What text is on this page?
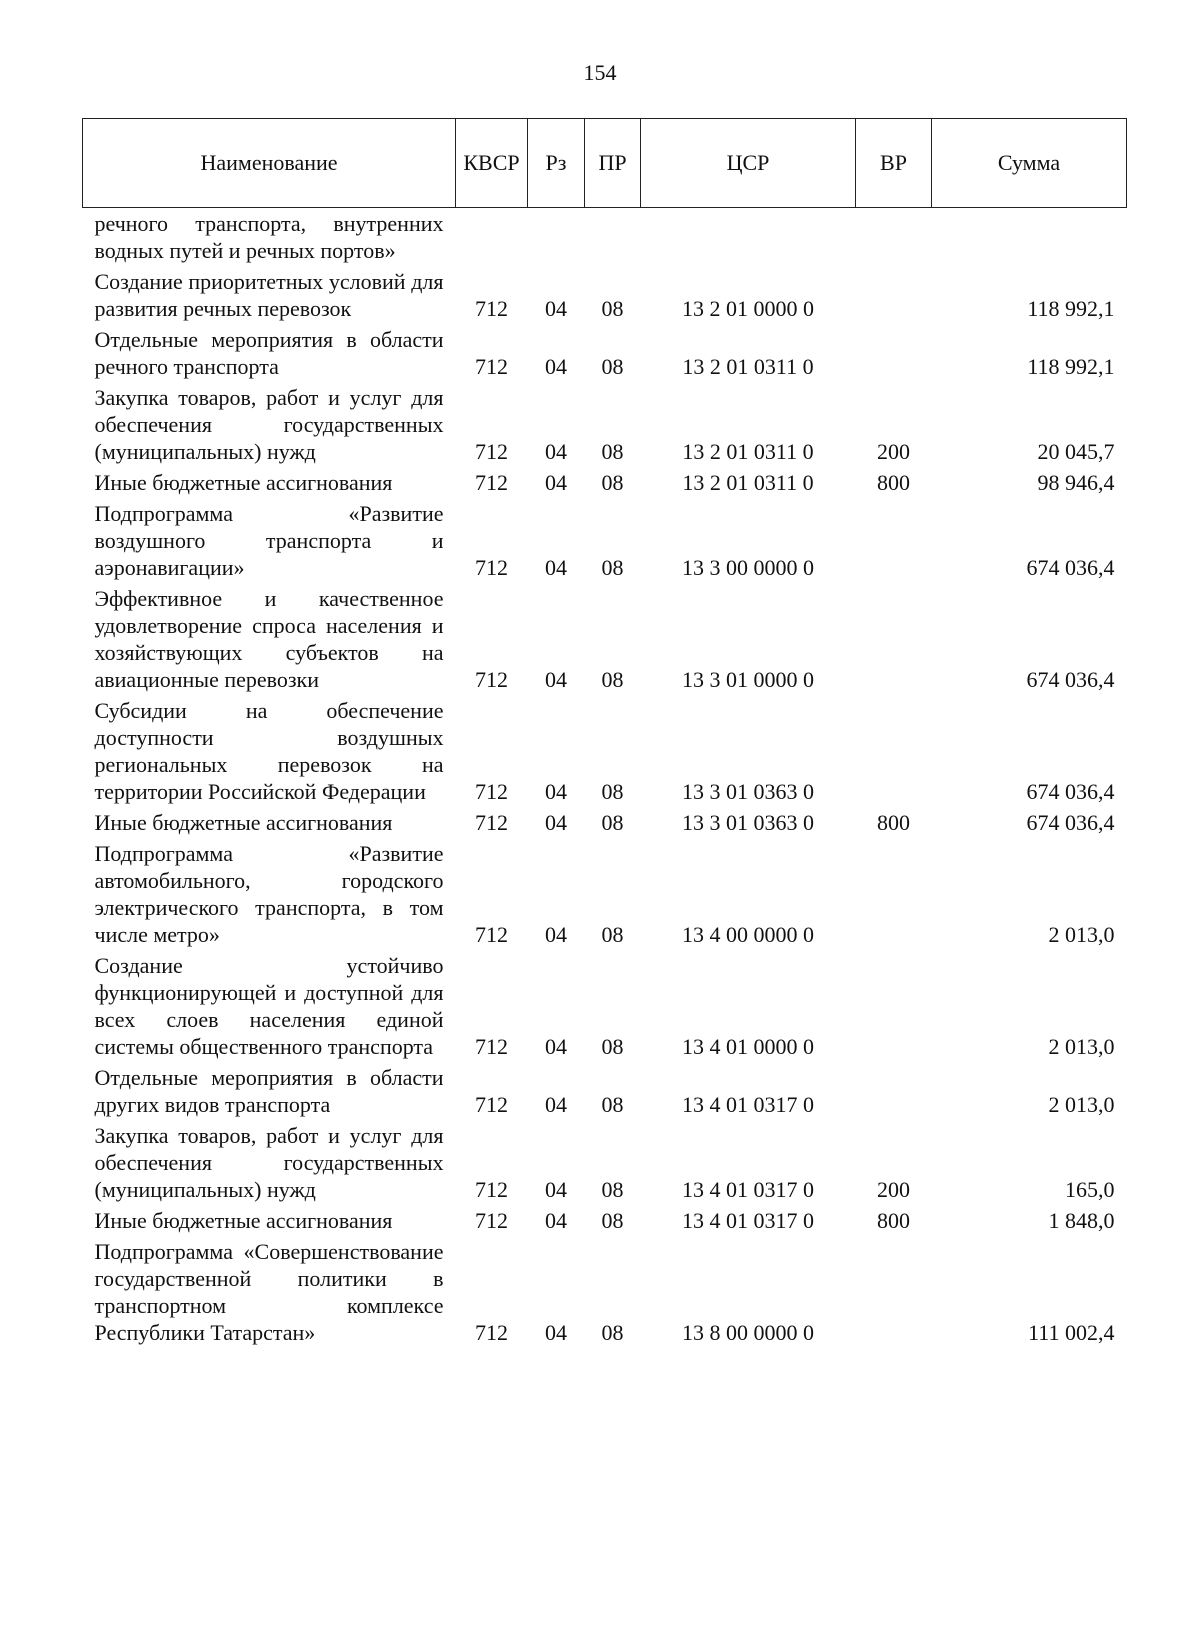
154
Наименование	КВСР	Рз	ПР	ЦСР	ВР	Сумма
речного транспорта, внутренних водных путей и речных портов»						
Создание приоритетных условий для развития речных перевозок	712	04	08	13 2 01 0000 0		118 992,1
Отдельные мероприятия в области речного транспорта	712	04	08	13 2 01 0311 0		118 992,1
Закупка товаров, работ и услуг для обеспечения государственных (муниципальных) нужд	712	04	08	13 2 01 0311 0	200	20 045,7
Иные бюджетные ассигнования	712	04	08	13 2 01 0311 0	800	98 946,4
Подпрограмма «Развитие воздушного транспорта и аэронавигации»	712	04	08	13 3 00 0000 0		674 036,4
Эффективное и качественное удовлетворение спроса населения и хозяйствующих субъектов на авиационные перевозки	712	04	08	13 3 01 0000 0		674 036,4
Субсидии на обеспечение доступности воздушных региональных перевозок на территории Российской Федерации	712	04	08	13 3 01 0363 0		674 036,4
Иные бюджетные ассигнования	712	04	08	13 3 01 0363 0	800	674 036,4
Подпрограмма «Развитие автомобильного, городского электрического транспорта, в том числе метро»	712	04	08	13 4 00 0000 0		2 013,0
Создание устойчиво функционирующей и доступной для всех слоев населения единой системы общественного транспорта	712	04	08	13 4 01 0000 0		2 013,0
Отдельные мероприятия в области других видов транспорта	712	04	08	13 4 01 0317 0		2 013,0
Закупка товаров, работ и услуг для обеспечения государственных (муниципальных) нужд	712	04	08	13 4 01 0317 0	200	165,0
Иные бюджетные ассигнования	712	04	08	13 4 01 0317 0	800	1 848,0
Подпрограмма «Совершенствование государственной политики в транспортном комплексе Республики Татарстан»	712	04	08	13 8 00 0000 0		111 002,4
